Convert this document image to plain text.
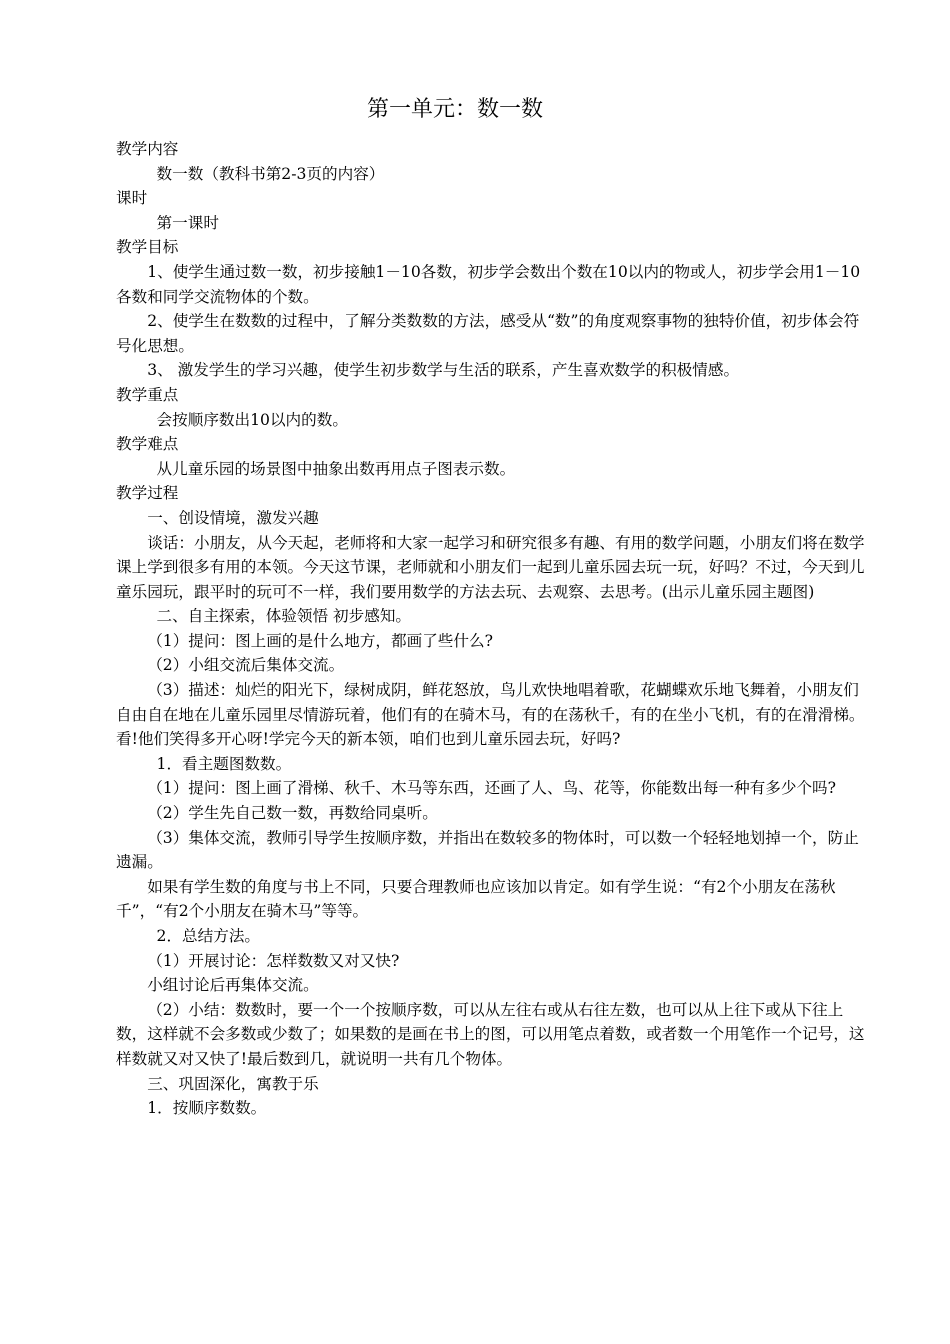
第一单元：数一数

教学内容

数一数（教科书第2-3页的内容）

课时

第一课时

教学目标

1、使学生通过数一数，初步接触1－10各数，初步学会数出个数在10以内的物或人，初步学会用1－10各数和同学交流物体的个数。

2、使学生在数数的过程中，了解分类数数的方法，感受从“数”的角度观察事物的独特价值，初步体会符号化思想。

3、 激发学生的学习兴趣，使学生初步数学与生活的联系，产生喜欢数学的积极情感。

教学重点

会按顺序数出10以内的数。

教学难点

从儿童乐园的场景图中抽象出数再用点子图表示数。

教学过程

一、创设情境，激发兴趣

谈话：小朋友，从今天起，老师将和大家一起学习和研究很多有趣、有用的数学问题，小朋友们将在数学课上学到很多有用的本领。今天这节课，老师就和小朋友们一起到儿童乐园去玩一玩，好吗？不过，今天到儿童乐园玩，跟平时的玩可不一样，我们要用数学的方法去玩、去观察、去思考。(出示儿童乐园主题图)

二、自主探索，体验领悟 初步感知。

（1）提问：图上画的是什么地方，都画了些什么?

（2）小组交流后集体交流。

（3）描述：灿烂的阳光下，绿树成阴，鲜花怒放，鸟儿欢快地唱着歌，花蝴蝶欢乐地飞舞着，小朋友们自由自在地在儿童乐园里尽情游玩着，他们有的在骑木马，有的在荡秋千，有的在坐小飞机，有的在滑滑梯。看!他们笑得多开心呀!学完今天的新本领，咱们也到儿童乐园去玩，好吗?

1．看主题图数数。

（1）提问：图上画了滑梯、秋千、木马等东西，还画了人、鸟、花等，你能数出每一种有多少个吗?

（2）学生先自己数一数，再数给同桌听。

（3）集体交流，教师引导学生按顺序数，并指出在数较多的物体时，可以数一个轻轻地划掉一个，防止遗漏。

如果有学生数的角度与书上不同，只要合理教师也应该加以肯定。如有学生说：“有2个小朋友在荡秋千”，“有2个小朋友在骑木马”等等。

2．总结方法。

（1）开展讨论：怎样数数又对又快?

小组讨论后再集体交流。

（2）小结：数数时，要一个一个按顺序数，可以从左往右或从右往左数，也可以从上往下或从下往上数，这样就不会多数或少数了；如果数的是画在书上的图，可以用笔点着数，或者数一个用笔作一个记号，这样数就又对又快了!最后数到几，就说明一共有几个物体。

三、巩固深化，寓教于乐

1．按顺序数数。
